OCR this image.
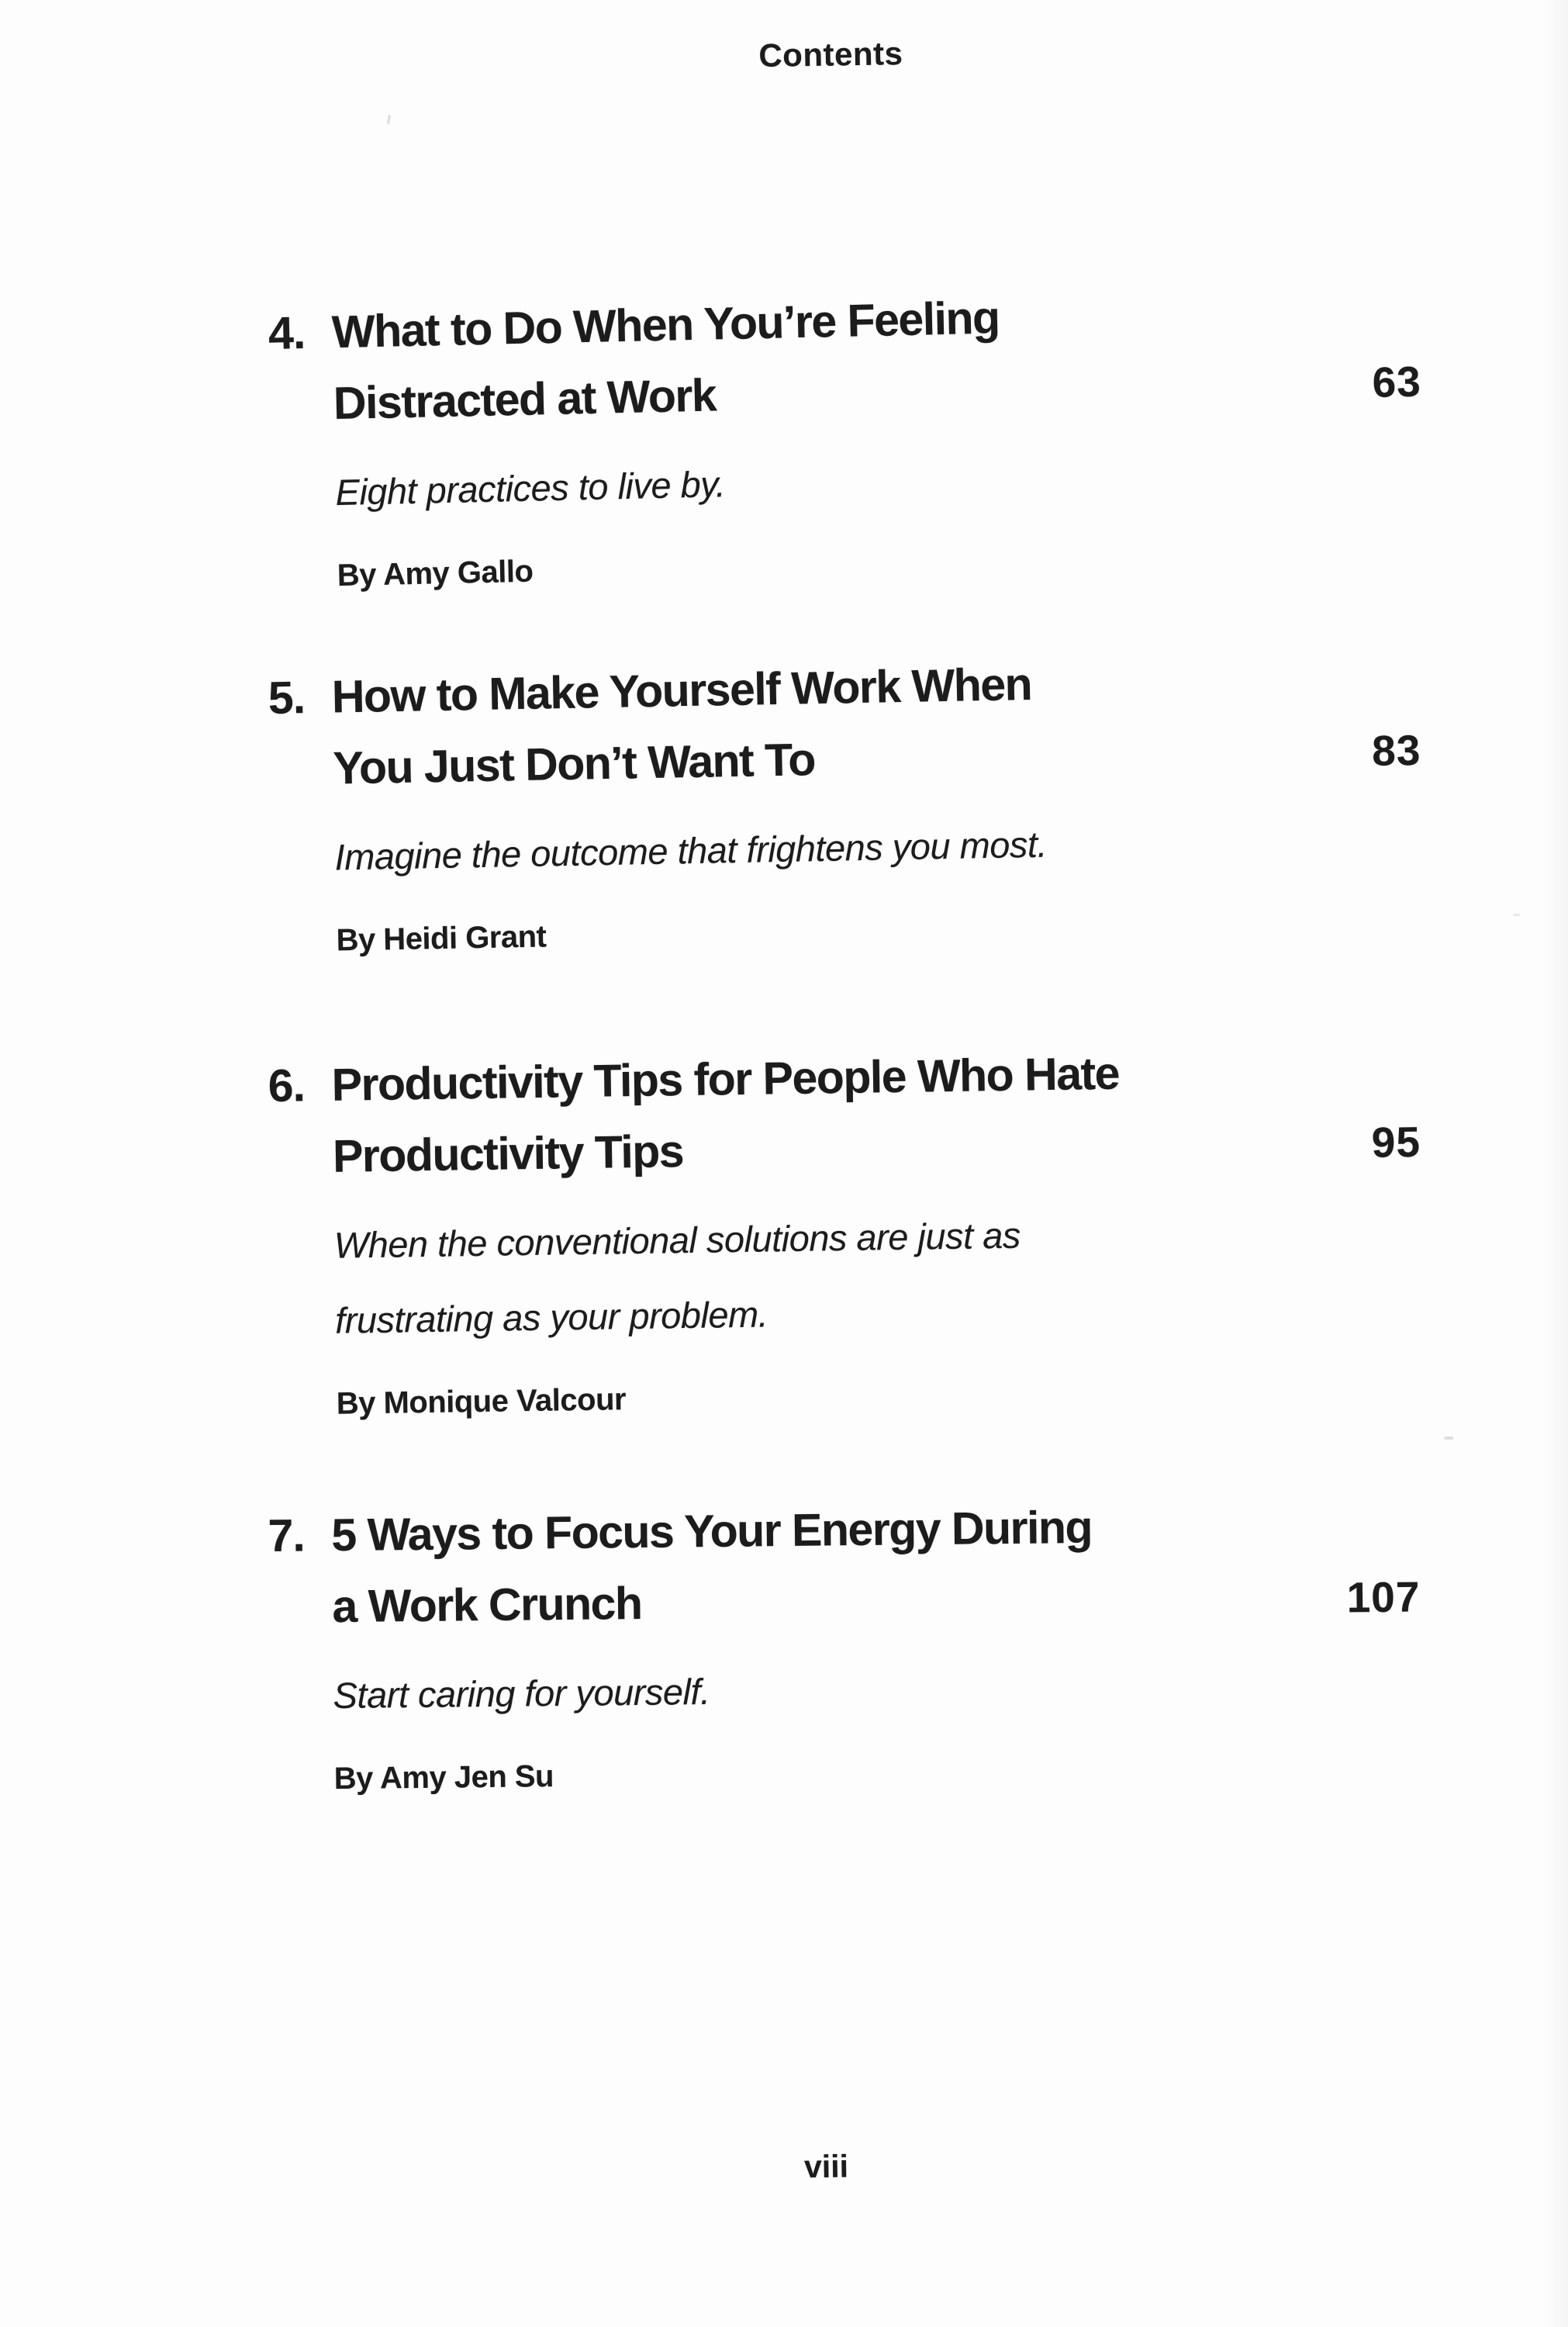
Contents
4. What to Do When You’re Feeling
Distracted at Work
Eight practices to live by.
By Amy Gallo
63
5. How to Make Yourself Work When
You Just Don’t Want To
Imagine the outcome that frightens you most.
By Heidi Grant
83
6. Productivity Tips for People Who Hate
Productivity Tips
When the conventional solutions are just as
frustrating as your problem.
By Monique Valcour
95
7. 5 Ways to Focus Your Energy During
a Work Crunch
Start caring for yourself.
By Amy Jen Su
107
viii
